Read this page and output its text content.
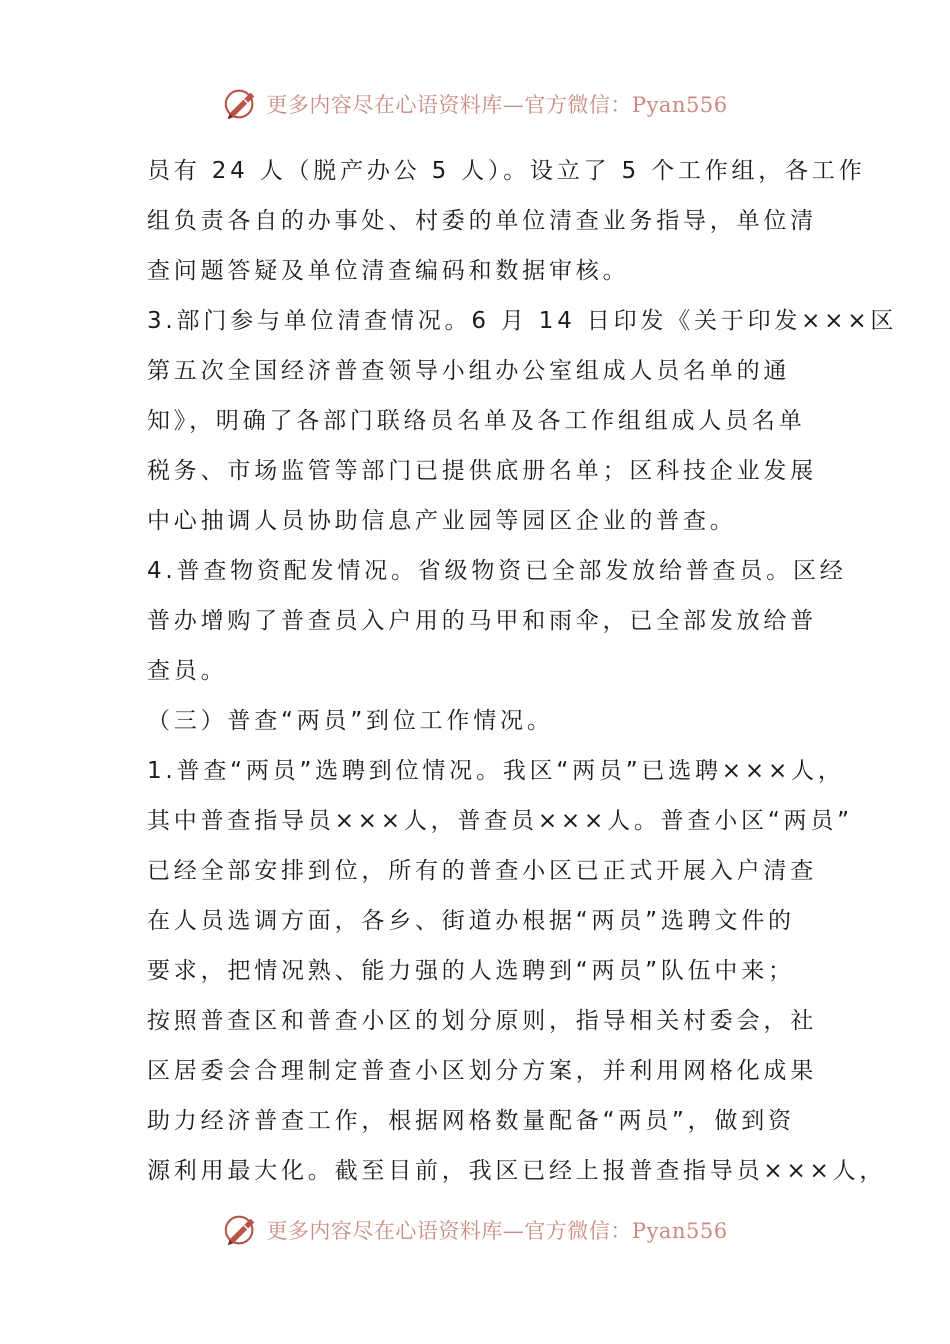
更多内容尽在心语资料库—官方微信：Pyan556
员有 24 人（脱产办公 5 人）。设立了 5 个工作组，各工作
组负责各自的办事处、村委的单位清查业务指导，单位清
查问题答疑及单位清查编码和数据审核。
3.部门参与单位清查情况。6 月 14 日印发《关于印发×××区
第五次全国经济普查领导小组办公室组成人员名单的通
知》，明确了各部门联络员名单及各工作组组成人员名单
税务、市场监管等部门已提供底册名单；区科技企业发展
中心抽调人员协助信息产业园等园区企业的普查。
4.普查物资配发情况。省级物资已全部发放给普查员。区经
普办增购了普查员入户用的马甲和雨伞，已全部发放给普
查员。
（三）普查“两员”到位工作情况。
1.普查“两员”选聘到位情况。我区“两员”已选聘×××人，
其中普查指导员×××人，普查员×××人。普查小区“两员”
已经全部安排到位，所有的普查小区已正式开展入户清查
在人员选调方面，各乡、街道办根据“两员”选聘文件的
要求，把情况熟、能力强的人选聘到“两员”队伍中来；
按照普查区和普查小区的划分原则，指导相关村委会，社
区居委会合理制定普查小区划分方案，并利用网格化成果
助力经济普查工作，根据网格数量配备“两员”，做到资
源利用最大化。截至目前，我区已经上报普查指导员×××人，
更多内容尽在心语资料库—官方微信：Pyan556
